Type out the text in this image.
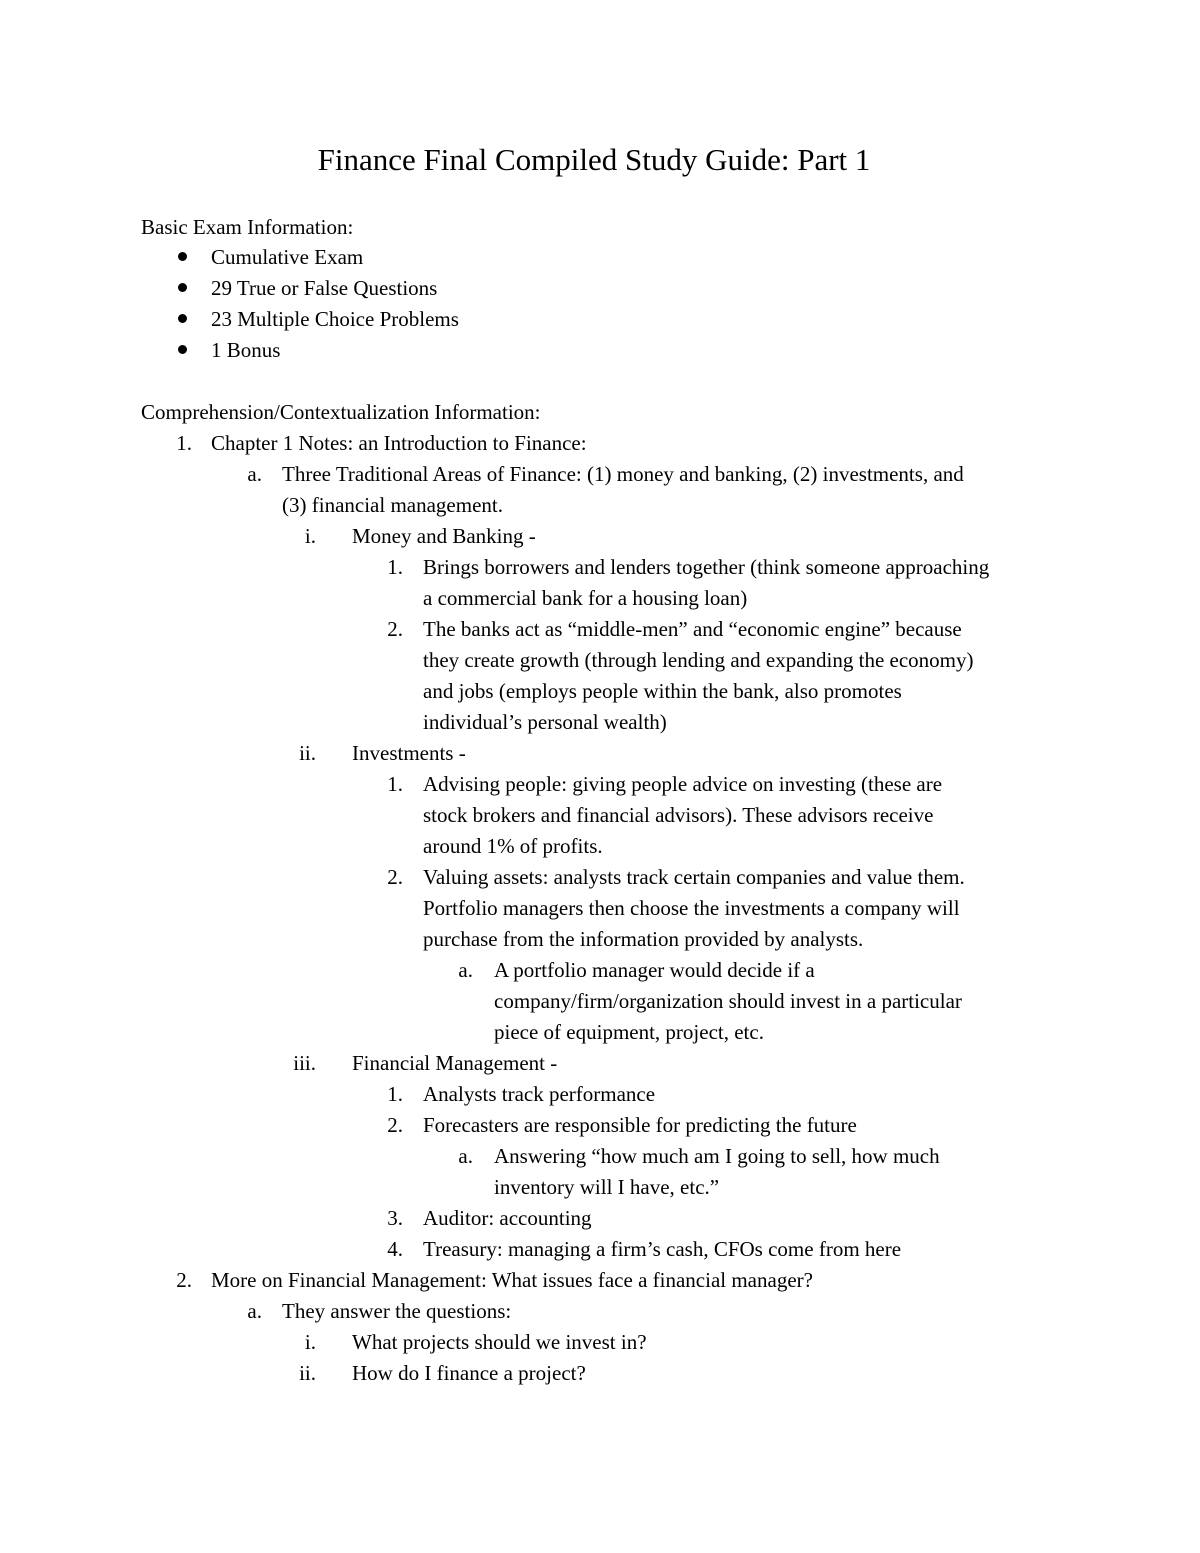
Finance Final Compiled Study Guide: Part 1
Basic Exam Information:
Cumulative Exam
29 True or False Questions
23 Multiple Choice Problems
1 Bonus
Comprehension/Contextualization Information:
1. Chapter 1 Notes: an Introduction to Finance:
a. Three Traditional Areas of Finance: (1) money and banking, (2) investments, and
(3) financial management.
i. Money and Banking -
1. Brings borrowers and lenders together (think someone approaching
a commercial bank for a housing loan)
2. The banks act as “middle-men” and “economic engine” because
they create growth (through lending and expanding the economy)
and jobs (employs people within the bank, also promotes
individual’s personal wealth)
ii. Investments -
1. Advising people: giving people advice on investing (these are
stock brokers and financial advisors). These advisors receive
around 1% of profits.
2. Valuing assets: analysts track certain companies and value them.
Portfolio managers then choose the investments a company will
purchase from the information provided by analysts.
a. A portfolio manager would decide if a
company/firm/organization should invest in a particular
piece of equipment, project, etc.
iii. Financial Management -
1. Analysts track performance
2. Forecasters are responsible for predicting the future
a. Answering “how much am I going to sell, how much
inventory will I have, etc.”
3. Auditor: accounting
4. Treasury: managing a firm’s cash, CFOs come from here
2. More on Financial Management: What issues face a financial manager?
a. They answer the questions:
i. What projects should we invest in?
ii. How do I finance a project?
